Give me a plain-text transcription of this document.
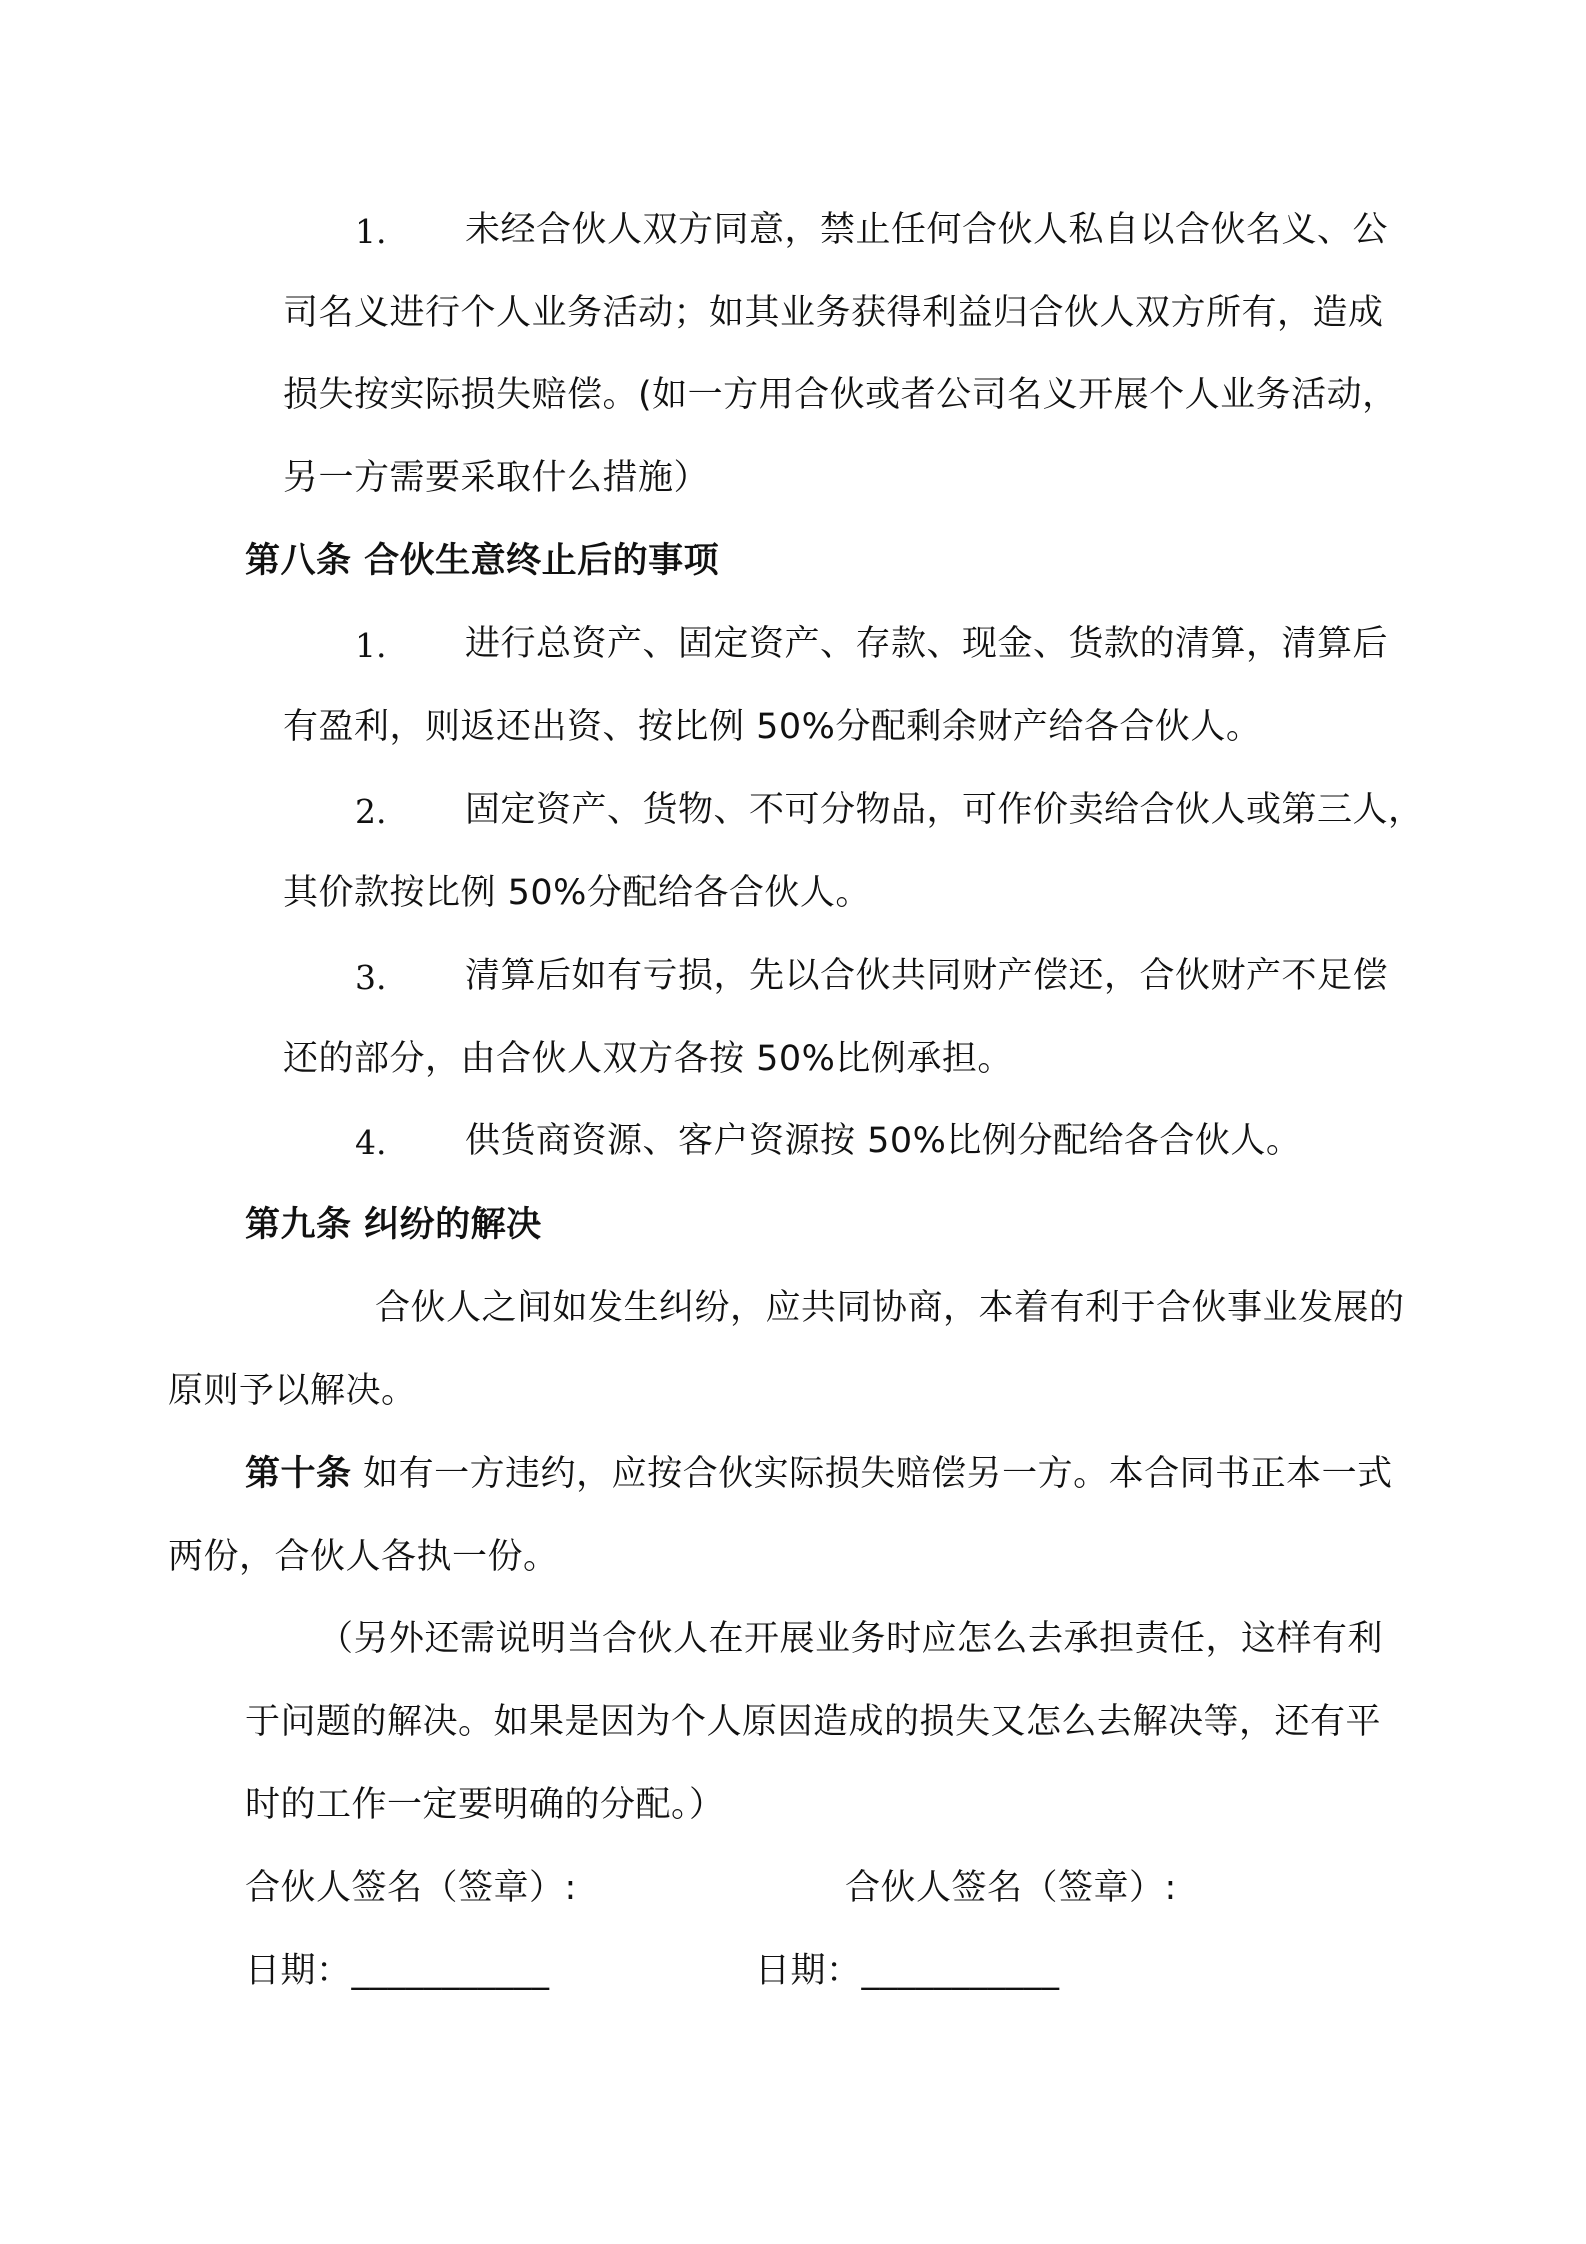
1. 未经合伙人双方同意，禁止任何合伙人私自以合伙名义、公
司名义进行个人业务活动；如其业务获得利益归合伙人双方所有，造成
损失按实际损失赔偿。(如一方用合伙或者公司名义开展个人业务活动，
另一方需要采取什么措施）
第八条 合伙生意终止后的事项
1. 进行总资产、固定资产、存款、现金、货款的清算，清算后
有盈利，则返还出资、按比例 50%分配剩余财产给各合伙人。
2. 固定资产、货物、不可分物品，可作价卖给合伙人或第三人，
其价款按比例 50%分配给各合伙人。
3. 清算后如有亏损，先以合伙共同财产偿还，合伙财产不足偿
还的部分，由合伙人双方各按 50%比例承担。
4. 供货商资源、客户资源按 50%比例分配给各合伙人。
第九条 纠纷的解决
合伙人之间如发生纠纷，应共同协商，本着有利于合伙事业发展的
原则予以解决。
第十条 如有一方违约，应按合伙实际损失赔偿另一方。本合同书正本一式
两份，合伙人各执一份。
（另外还需说明当合伙人在开展业务时应怎么去承担责任，这样有利
于问题的解决。如果是因为个人原因造成的损失又怎么去解决等，还有平
时的工作一定要明确的分配。）
合伙人签名（签章）:	合伙人签名（签章）:
日期：___________	日期：___________
